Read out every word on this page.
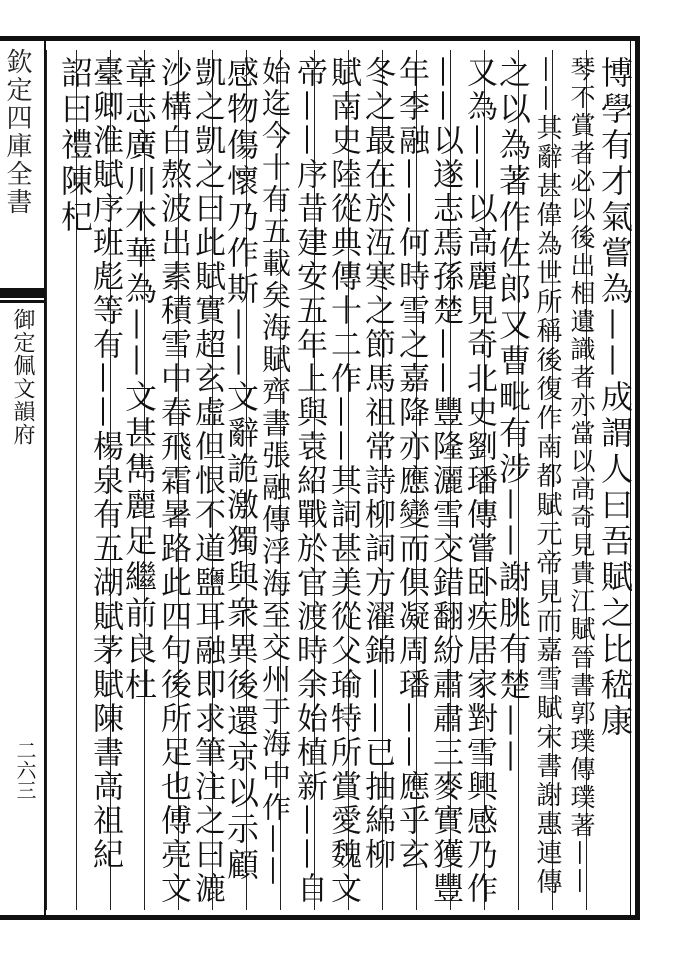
欽定四庫全書
御定佩文韻府
二六三
博學有才氣嘗為——成謂人曰吾賦之比嵇康
琴不賞者必以後出相遺識者亦當以高奇見貴江賦晉書郭璞傳璞著——
——其辭甚偉為世所稱後復作南都賦元帝見而嘉雪賦宋書謝惠連傳
之以為著作佐郎又曹毗有涉——謝朓有楚——
又為——以高麗見奇北史劉璠傳嘗卧疾居家對雪興感乃作
——以遂志焉孫楚——豐隆灑雪交錯翻紛肅肅三麥實獲豐
年李融——何時雪之嘉降亦應變而俱凝周璠——應乎玄
冬之最在於沍寒之節馬祖常詩柳詞方濯錦——已抽綿柳
賦南史陸從典傳十二作——其詞甚美從父瑜特所賞愛魏文
帝——序昔建安五年上與袁紹戰於官渡時余始植新——自
始迄今十有五載矣海賦齊書張融傳浮海至交州于海中作——
感物傷懷乃作斯——文辭詭激獨與衆異後還京以示顧
凱之凱之曰此賦實超玄虛但恨不道鹽耳融即求筆注之曰漉
沙構白熬波出素積雪中春飛霜暑路此四句後所足也傅亮文
章志廣川木華為——文甚雋麗足繼前良杜
臺卿淮賦序班彪等有——楊泉有五湖賦茅賦陳書高祖紀
詔曰禮陳杞
